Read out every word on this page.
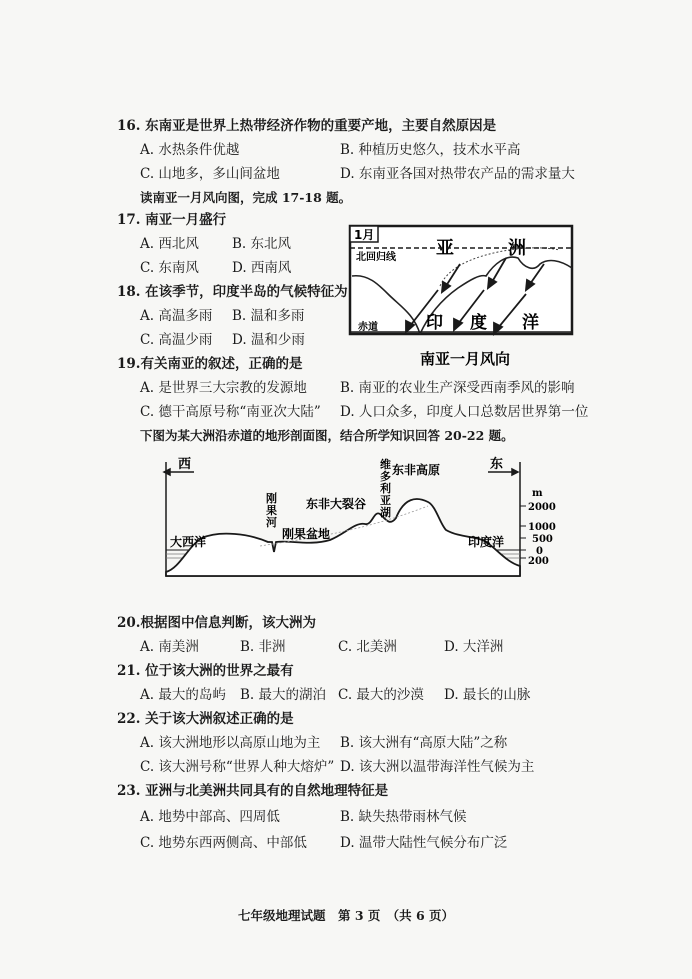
16. 东南亚是世界上热带经济作物的重要产地，主要自然原因是
A. 水热条件优越	B. 种植历史悠久，技术水平高
C. 山地多，多山间盆地	D. 东南亚各国对热带农产品的需求量大
读南亚一月风向图，完成 17-18 题。
17. 南亚一月盛行
A. 西北风 B. 东北风
C. 东南风 D. 西南风
18. 在该季节，印度半岛的气候特征为
A. 高温多雨 B. 温和多雨
C. 高温少雨 D. 温和少雨
1月
亚	洲
北回归线
赤道	印 度 洋
南亚一月风向
19.有关南亚的叙述，正确的是
A. 是世界三大宗教的发源地 B. 南亚的农业生产深受西南季风的影响
C. 德干高原号称“南亚次大陆” D. 人口众多，印度人口总数居世界第一位
下图为某大洲沿赤道的地形剖面图，结合所学知识回答 20-22 题。
西	东
大西洋	印度洋
刚果盆地
东非大裂谷
东非高原
刚
果
河
维
多
利
亚
湖
m
2000
1000
500
0
200
20.根据图中信息判断，该大洲为
A. 南美洲	B. 非洲	C. 北美洲	D. 大洋洲
21. 位于该大洲的世界之最有
A. 最大的岛屿 B. 最大的湖泊 C. 最大的沙漠 D. 最长的山脉
22. 关于该大洲叙述正确的是
A. 该大洲地形以高原山地为主 B. 该大洲有“高原大陆”之称
C. 该大洲号称“世界人种大熔炉” D. 该大洲以温带海洋性气候为主
23. 亚洲与北美洲共同具有的自然地理特征是
A. 地势中部高、四周低	B. 缺失热带雨林气候
C. 地势东西两侧高、中部低 D. 温带大陆性气候分布广泛
七年级地理试题　第 3 页　（共 6 页）
